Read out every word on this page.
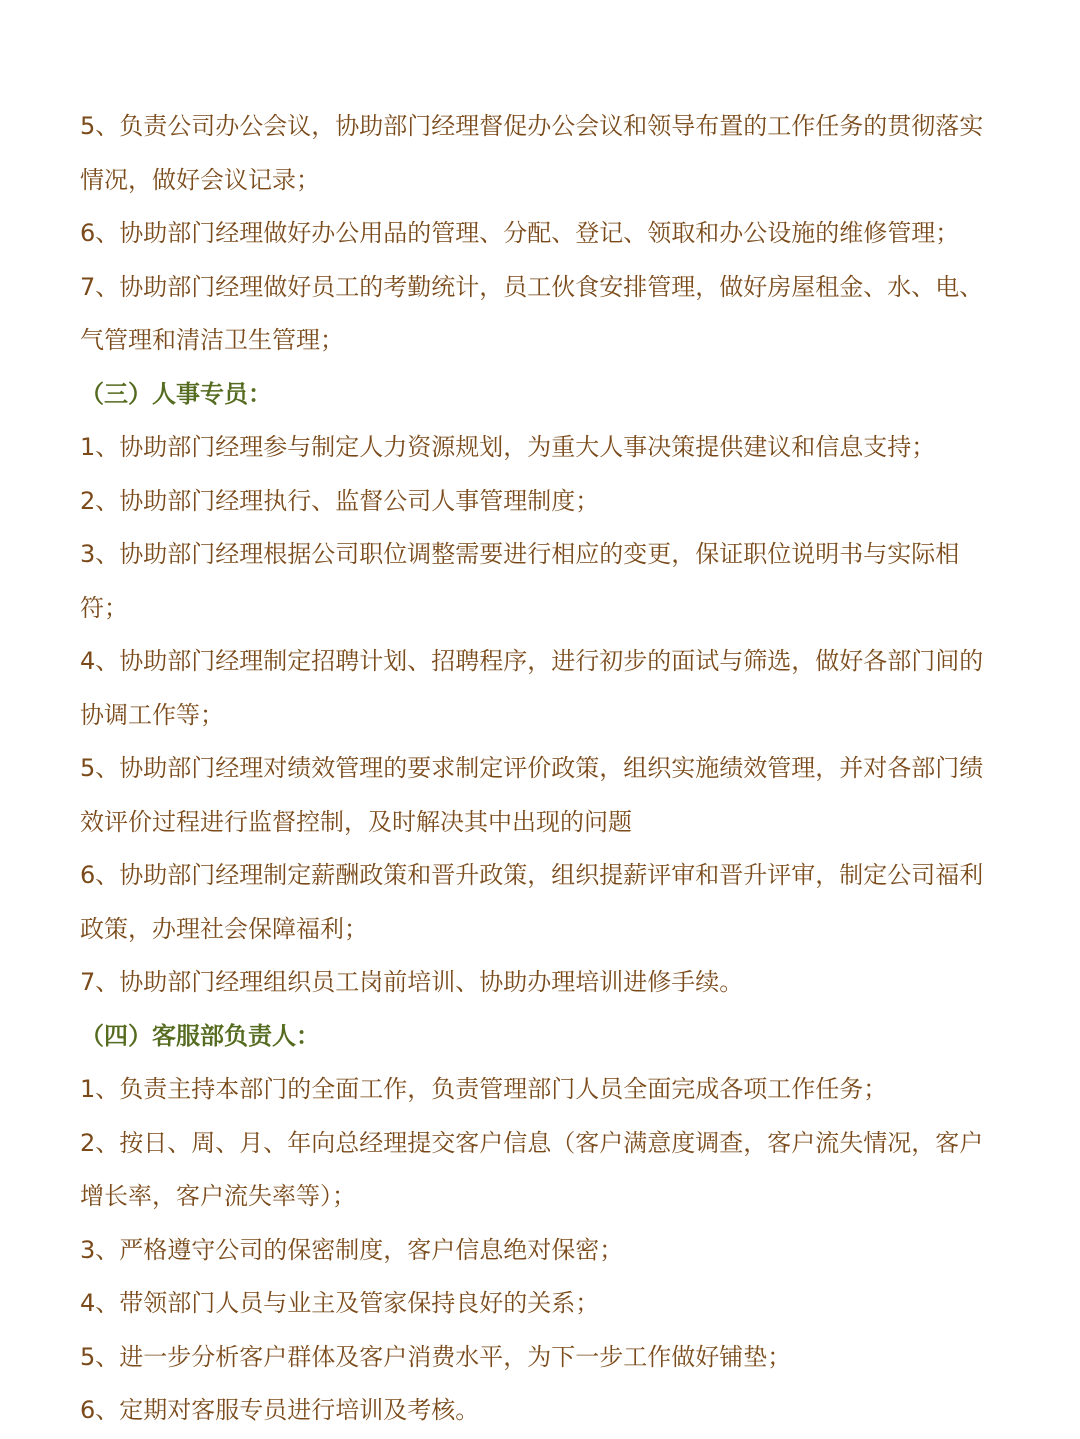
5、负责公司办公会议，协助部门经理督促办公会议和领导布置的工作任务的贯彻落实情况，做好会议记录；

6、协助部门经理做好办公用品的管理、分配、登记、领取和办公设施的维修管理；

7、协助部门经理做好员工的考勤统计，员工伙食安排管理，做好房屋租金、水、电、气管理和清洁卫生管理；

（三）人事专员：

1、协助部门经理参与制定人力资源规划，为重大人事决策提供建议和信息支持；

2、协助部门经理执行、监督公司人事管理制度；

3、协助部门经理根据公司职位调整需要进行相应的变更，保证职位说明书与实际相符；

4、协助部门经理制定招聘计划、招聘程序，进行初步的面试与筛选，做好各部门间的协调工作等；

5、协助部门经理对绩效管理的要求制定评价政策，组织实施绩效管理，并对各部门绩效评价过程进行监督控制，及时解决其中出现的问题

6、协助部门经理制定薪酬政策和晋升政策，组织提薪评审和晋升评审，制定公司福利政策，办理社会保障福利；

7、协助部门经理组织员工岗前培训、协助办理培训进修手续。

（四）客服部负责人：

1、负责主持本部门的全面工作，负责管理部门人员全面完成各项工作任务；

2、按日、周、月、年向总经理提交客户信息（客户满意度调查，客户流失情况，客户增长率，客户流失率等）；

3、严格遵守公司的保密制度，客户信息绝对保密；

4、带领部门人员与业主及管家保持良好的关系；

5、进一步分析客户群体及客户消费水平，为下一步工作做好铺垫；

6、定期对客服专员进行培训及考核。
